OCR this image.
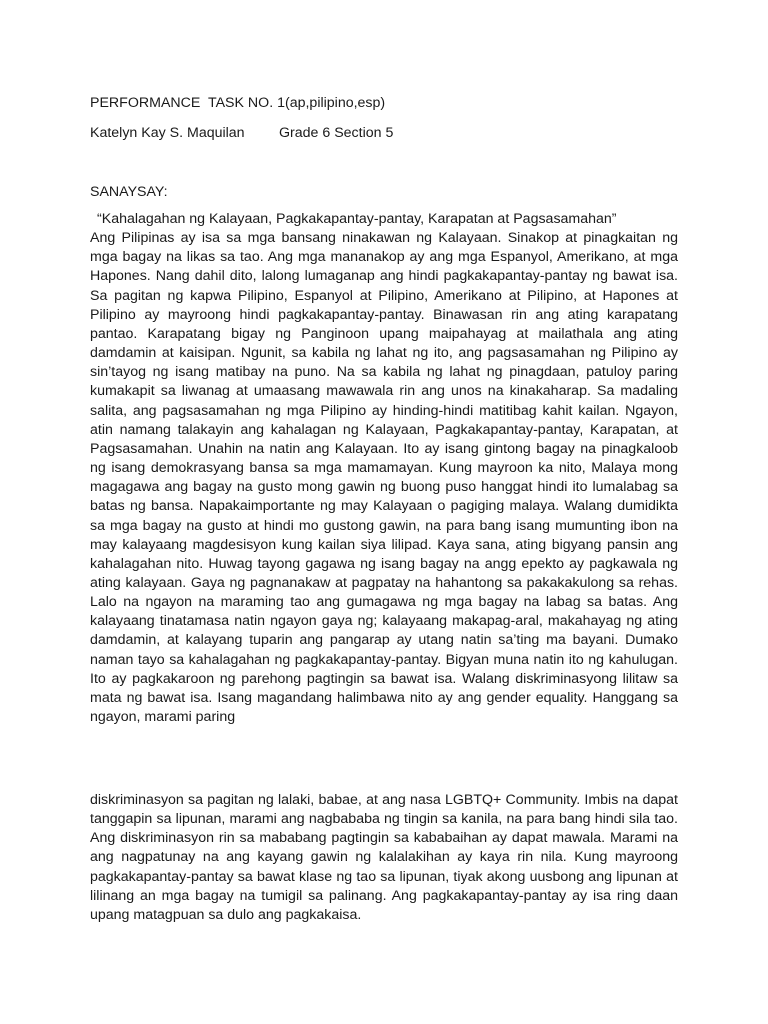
PERFORMANCE  TASK NO. 1(ap,pilipino,esp)

Katelyn Kay S. Maquilan Grade 6 Section 5

SANAYSAY:

“Kahalagahan ng Kalayaan, Pagkakapantay-pantay, Karapatan at Pagsasamahan”
Ang Pilipinas ay isa sa mga bansang ninakawan ng Kalayaan. Sinakop at pinagkaitan ng mga bagay na likas sa tao. Ang mga mananakop ay ang mga Espanyol, Amerikano, at mga Hapones. Nang dahil dito, lalong lumaganap ang hindi pagkakapantay-pantay ng bawat isa. Sa pagitan ng kapwa Pilipino, Espanyol at Pilipino, Amerikano at Pilipino, at Hapones at Pilipino ay mayroong hindi pagkakapantay-pantay. Binawasan rin ang ating karapatang pantao. Karapatang bigay ng Panginoon upang maipahayag at mailathala ang ating damdamin at kaisipan. Ngunit, sa kabila ng lahat ng ito, ang pagsasamahan ng Pilipino ay sin’tayog ng isang matibay na puno. Na sa kabila ng lahat ng pinagdaan, patuloy paring kumakapit sa liwanag at umaasang mawawala rin ang unos na kinakaharap. Sa madaling salita, ang pagsasamahan ng mga Pilipino ay hinding-hindi matitibag kahit kailan. Ngayon, atin namang talakayin ang kahalagan ng Kalayaan, Pagkakapantay-pantay, Karapatan, at Pagsasamahan. Unahin na natin ang Kalayaan. Ito ay isang gintong bagay na pinagkaloob ng isang demokrasyang bansa sa mga mamamayan. Kung mayroon ka nito, Malaya mong magagawa ang bagay na gusto mong gawin ng buong puso hanggat hindi ito lumalabag sa batas ng bansa. Napakaimportante ng may Kalayaan o pagiging malaya. Walang dumidikta sa mga bagay na gusto at hindi mo gustong gawin, na para bang isang mumunting ibon na may kalayaang magdesisyon kung kailan siya lilipad. Kaya sana, ating bigyang pansin ang kahalagahan nito. Huwag tayong gagawa ng isang bagay na angg epekto ay pagkawala ng ating kalayaan. Gaya ng pagnanakaw at pagpatay na hahantong sa pakakakulong sa rehas. Lalo na ngayon na maraming tao ang gumagawa ng mga bagay na labag sa batas. Ang kalayaang tinatamasa natin ngayon gaya ng; kalayaang makapag-aral, makahayag ng ating damdamin, at kalayang tuparin ang pangarap ay utang natin sa’ting ma bayani. Dumako naman tayo sa kahalagahan ng pagkakapantay-pantay. Bigyan muna natin ito ng kahulugan. Ito ay pagkakaroon ng parehong pagtingin sa bawat isa. Walang diskriminasyong lilitaw sa mata ng bawat isa. Isang magandang halimbawa nito ay ang gender equality. Hanggang sa ngayon, marami paring
diskriminasyon sa pagitan ng lalaki, babae, at ang nasa LGBTQ+ Community. Imbis na dapat tanggapin sa lipunan, marami ang nagbababa ng tingin sa kanila, na para bang hindi sila tao. Ang diskriminasyon rin sa mababang pagtingin sa kababaihan ay dapat mawala. Marami na ang nagpatunay na ang kayang gawin ng kalalakihan ay kaya rin nila. Kung mayroong pagkakapantay-pantay sa bawat klase ng tao sa lipunan, tiyak akong uusbong ang lipunan at lilinang an mga bagay na tumigil sa palinang. Ang pagkakapantay-pantay ay isa ring daan upang matagpuan sa dulo ang pagkakaisa.
